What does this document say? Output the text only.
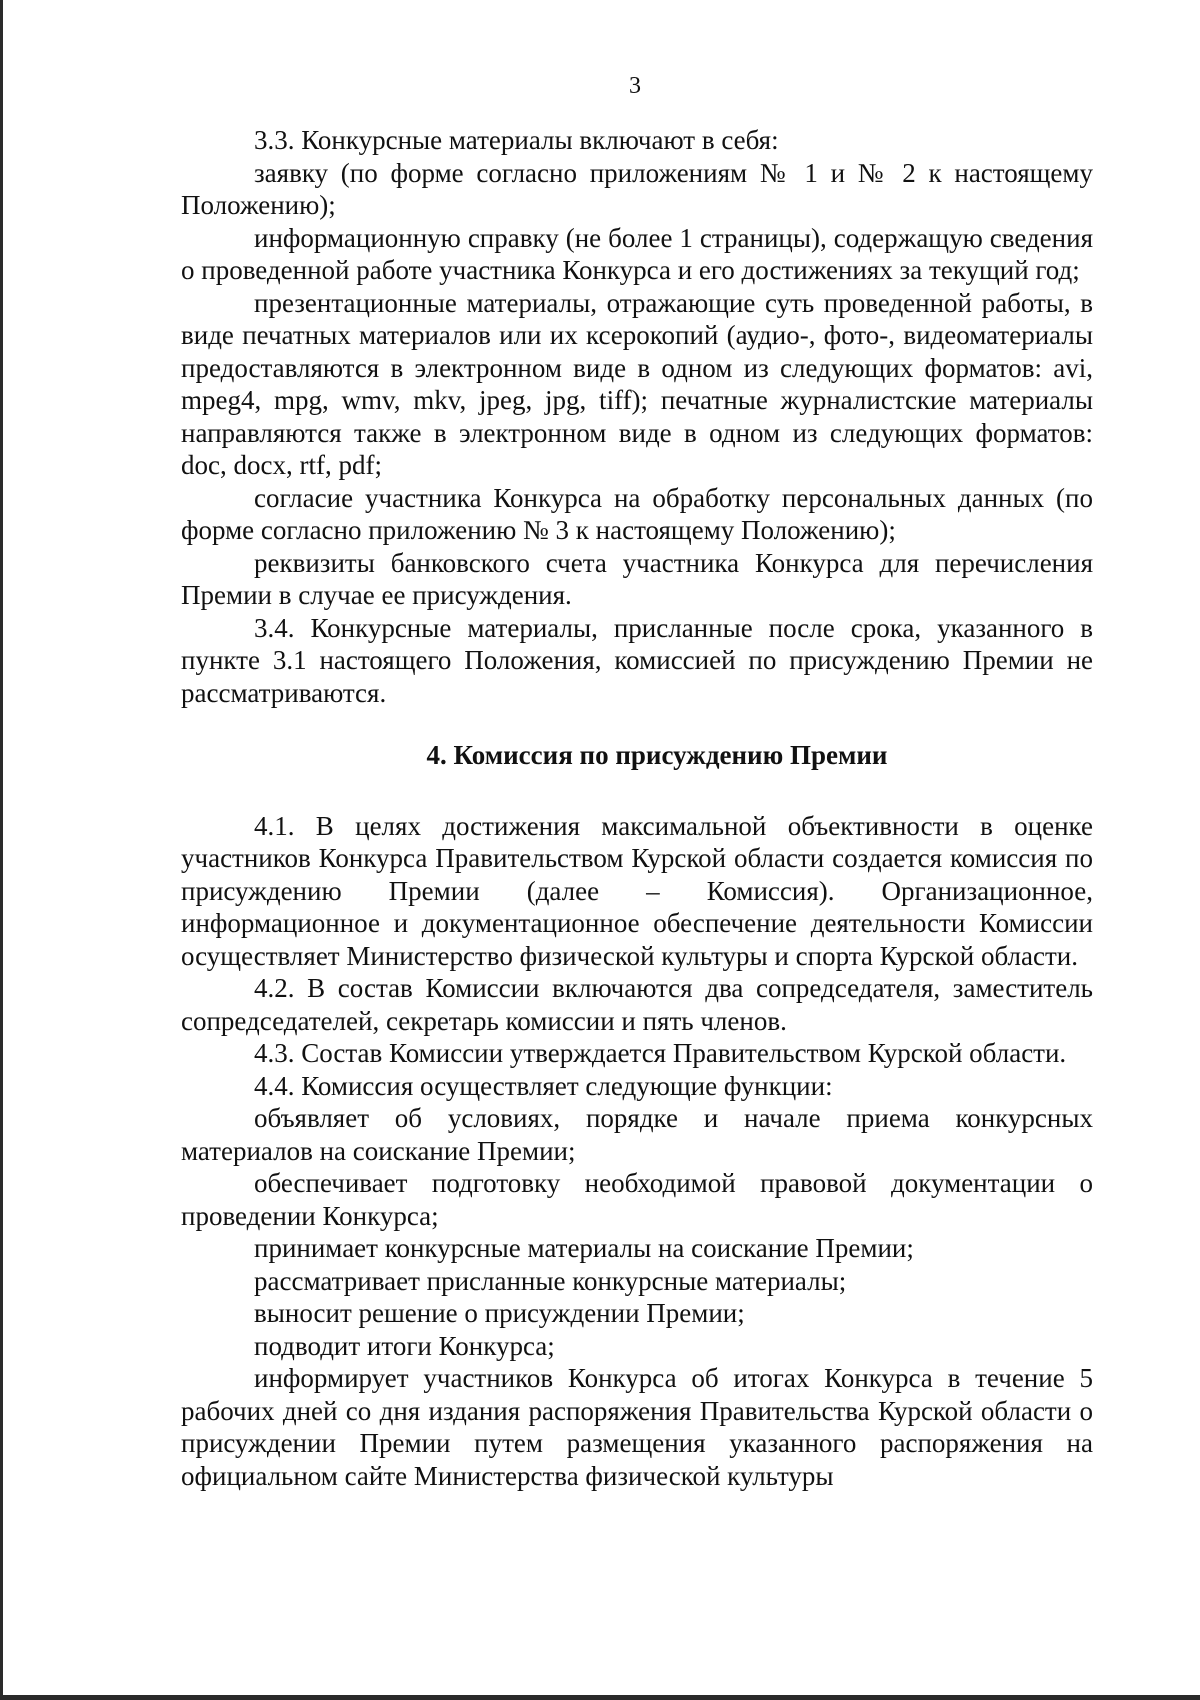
3

3.3. Конкурсные материалы включают в себя:

заявку (по форме согласно приложениям № 1 и № 2 к настоящему Положению);

информационную справку (не более 1 страницы), содержащую сведения о проведенной работе участника Конкурса и его достижениях за текущий год;

презентационные материалы, отражающие суть проведенной работы, в виде печатных материалов или их ксерокопий (аудио-, фото-, видеоматериалы предоставляются в электронном виде в одном из следующих форматов: avi, mpeg4, mpg, wmv, mkv, jpeg, jpg, tiff); печатные журналистские материалы направляются также в электронном виде в одном из следующих форматов: doc, docx, rtf, pdf;

согласие участника Конкурса на обработку персональных данных (по форме согласно приложению № 3 к настоящему Положению);

реквизиты банковского счета участника Конкурса для перечисления Премии в случае ее присуждения.

3.4. Конкурсные материалы, присланные после срока, указанного в пункте 3.1 настоящего Положения, комиссией по присуждению Премии не рассматриваются.

4. Комиссия по присуждению Премии

4.1. В целях достижения максимальной объективности в оценке участников Конкурса Правительством Курской области создается комиссия по присуждению Премии (далее – Комиссия). Организационное, информационное и документационное обеспечение деятельности Комиссии осуществляет Министерство физической культуры и спорта Курской области.

4.2. В состав Комиссии включаются два сопредседателя, заместитель сопредседателей, секретарь комиссии и пять членов.

4.3. Состав Комиссии утверждается Правительством Курской области.

4.4. Комиссия осуществляет следующие функции:

объявляет об условиях, порядке и начале приема конкурсных материалов на соискание Премии;

обеспечивает подготовку необходимой правовой документации о проведении Конкурса;

принимает конкурсные материалы на соискание Премии;

рассматривает присланные конкурсные материалы;

выносит решение о присуждении Премии;

подводит итоги Конкурса;

информирует участников Конкурса об итогах Конкурса в течение 5 рабочих дней со дня издания распоряжения Правительства Курской области о присуждении Премии путем размещения указанного распоряжения на официальном сайте Министерства физической культуры
